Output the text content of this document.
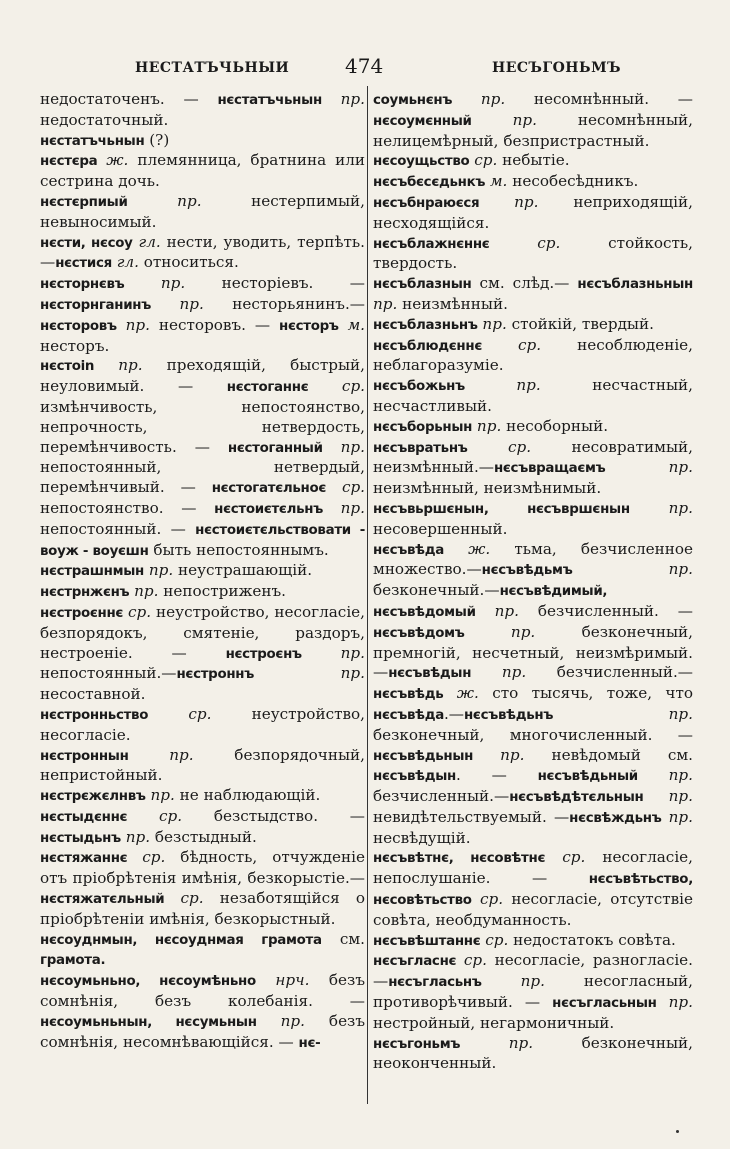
НЕСТАТЪЧЬНЫИ	474	НЕСЪГОНЬМЪ

недостаточенъ. — нєстатъчьнын пр. недостаточный.

нєстатъчьнын (?)

нєстєра ж. племянница, братнина или сестрина дочь.

нєстєрпиый пр. нестерпимый, невыносимый.

нєсти, нєсоу гл. нести, уводить, терпѣть.—нєстися гл. относиться.

нєсторнєвъ пр. несторіевъ. — нєсторнганинъ пр. несторьянинъ.—нєсторовъ пр. несторовъ. — нєсторъ м. несторъ.

нєстоin пр. преходящій, быстрый, неуловимый. — нєстоганнє ср. измѣнчивость, непостоянство, непрочность, нетвердость, перемѣнчивость. — нєстоганный пр. непостоянный, нетвердый, перемѣнчивый. — нєстогатєльноє ср. непостоянство. — нєстоиєтєльнъ пр. непостоянный. — нєстоиєтєльствовати - воуж - воуєшн быть непостояннымъ.

нєстрашнмын пр. неустрашающій.

нєстрнжєнъ пр. непостриженъ.

нєстроєннє ср. неустройство, несогласіе, безпорядокъ, смятеніе, раздоръ, нестроеніе. — нєстроєнъ пр. непостоянный.—нєстроннъ пр. несоставной.

нєстронньство ср. неустройство, несогласіе.

нєстроннын пр. безпорядочный, непристойный.

нєстрєжєлнвъ пр. не наблюдающій.

нєстыдєннє ср. безстыдство. — нєстыдьнъ пр. безстыдный.

нєстяжаннє ср. бѣдность, отчужденіе отъ пріобрѣтенія имѣнія, безкорыстіе.—нєстяжатєльный ср. незаботящійся о пріобрѣтеніи имѣнія, безкорыстный.

нєсоуднмын, нєсоуднмая грамота см. грамота.

нєсоумьньно, нєсоумѣньно нрч. безъ сомнѣнія, безъ колебанія. — нєсоумьньнын, нєсумьнын пр. безъ сомнѣнія, несомнѣвающійся. — нє-

соумьнєнъ пр. несомнѣнный. — нєсоумєнный пр. несомнѣнный, нелицемѣрный, безпристрастный.

нєсоущьство ср. небытіе.

нєсъбєсєдьнкъ м. несобесѣдникъ.

нєсъбнраюєся пр. неприходящій, несходящійся.

нєсъблажнєннє ср. стойкость, твердость.

нєсъблазнын см. слѣд.— нєсъблазньнын пр. неизмѣнный.

нєсъблазньнъ пр. стойкій, твердый.

нєсъблюдєннє ср. несоблюденіе, неблагоразуміе.

нєсъбожьнъ пр. несчастный, несчастливый.

нєсъборьнын пр. несоборный.

нєсъвратьнъ ср. несовратимый, неизмѣнный.—нєсъвращаємъ пр. неизмѣнный, неизмѣнимый.

нєсъвьршєнын, нєсъвршєнын пр. несовершенный.

нєсъвѣда ж. тьма, безчисленное множество.—нєсъвѣдьмъ пр. безконечный.—нєсъвѣдимый, нєсъвѣдомый пр. безчисленный. — нєсъвѣдомъ пр. безконечный, премногій, несчетный, неизмѣримый.—нєсъвѣдын пр. безчисленный.—нєсъвѣдь ж. сто тысячь, тоже, что нєсъвѣда.—нєсъвѣдьнъ пр. безконечный, многочисленный. — нєсъвѣдьнын пр. невѣдомый см. нєсъвѣдын. — нєсъвѣдьный пр. безчисленный.—нєсъвѣдѣтєльнын пр. невидѣтельствуемый. —нєсвѣждьнъ пр. несвѣдущій.

нєсъвѣтнє, нєсовѣтнє ср. несогласіе, непослушаніе. — нєсъвѣтьство, нєсовѣтьство ср. несогласіе, отсутствіе совѣта, необдуманность.

нєсъвѣштаннє ср. недостатокъ совѣта.

нєсъгласнє ср. несогласіе, разногласіе.—нєсъгласьнъ пр. несогласный, противорѣчивый. — нєсъгласьнын пр. нестройный, негармоничный.

нєсъгоньмъ пр. безконечный, неоконченный.
